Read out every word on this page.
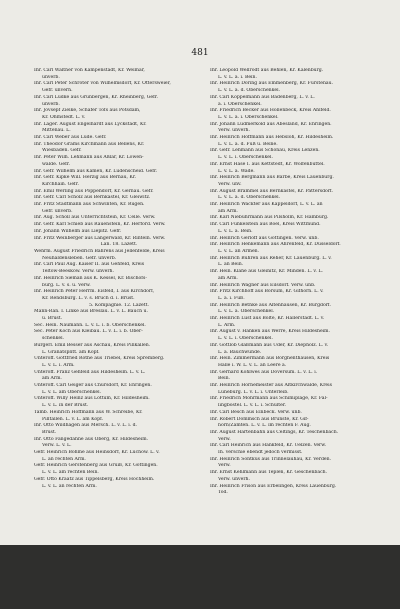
481
Ihr. Carl Walther von Kampenstadt, Kr. Weimar,
unverb.
Ihr. Carl Peter Schröter von Wilhelmsdorf, Kr. Ottersweier,
Gefr. unverh.
Ihr. Carl Lüdke aus Grünbergen, Kr. Rheinberg, Gefr.
unverb.
Ihr. Jovsepf Zielke, Schäfer Tofs aus Potsdam,
Kr. Ohmstedt. L. v.
Ihr. Lager. August Engelhardt aus Lyckstadt, Kr.
Mittenau. L.
Ihr. Carl Weber aus Lüde. Gefr.
Ihr. Theodor Grams Kirchmann aus Bellens, Kr.
Wiesbaden. Gefr.
Ihr. Peter Wilh. Lehmann aus Aßlar, Kr. Löwen-
walde. Gefr.
Ihr. Gefr. Wilhelm aus Kamen, Kr. Lüdenscheid. Gefr.
Ihr. Gefr. Kipke Will. Herzig aus Bernau, Kr.
Kirchhain. Gefr.
Ihr. Emil Werling aus Poppendorf, Kr. Gernau. Gefr.
Ihr. Gefr. Carl Scholz aus Bernkastel, Kr. Gleiwitz.
Ihr. Fritz Stadtmann aus Schwinten, Kr. Rügen.
Gefr. unverb.
Ihr. Aug. Schöll aus Unterrichtstein, Kr. Celle. Verw.
Ihr. Gefr. Karl Schieb aus Rauenstein, Kr. Herford. Verw.
Ihr. Johann Wilhelm aus Liepitz. Gefr.
Ihr. Fritz Weinberger aus Langerwald, Kr. Rinteln. Verw.
Lan. 18. Lazett.
Wehrm. August Friedrich Bährens aus Jellenfelde, Kreis
Neuhaldensleben. Gefr. unverb.
Ihr. Carl Paul Aug. Kaiser II. aus Gehfeld, Kreis
Teltow-Beeskow. Verw. unverh.
Ihr. Heinrich Sieman aus K. Kessel, Kr. Bischofs-
burg. L. v. s. u. Verw.
Ihr. Heinrich Peter Herrm. Eisfeld, I. aus Kirchdorf,
Kr. Rendsburg. L. v. s. Bruch d. i. Brust.
5. Kompagnie. 12. Lazett.
Mann-Ran. I. Linke aus Breslau. L. v. L. Bauch u.
u. Brust.
Sec. Hein. Naumann. L. v. L. i. b. Oberschenkel.
Sec. Peter Koch aus Kleibau. L. v. L. i. b. Ober-
schenkel.
Bürgerl. Emil Besser aus Aschau, Kreis Pillkallen.
L. Granatsplitt. am Kopf.
Unteroff. Gottfried Rothe aus Triebel, Kreis Spremberg.
L. v. L. i. Arm.
Unteroff. Franz Gehfeld aus Hildesheim. L. v. L.
am Arm.
Unteroff. Carl Geiger aus Chursdorf, Kr. Ehringen.
L. v. L. am Oberschenkel.
Unteroff. Willy Heinz aus Lottum, Kr. Hildesheim.
L. v. L. in der Brust.
Tamb. Heinrich Hoffmann aus W. Schreibe, Kr.
Pilltallen. L. v. L. am Kopf.
Ihr. Otto Wildhagen aus Mersch. L. v. L. i. d.
Brust.
Ihr. Otto Fangedahne aus Oberg, Kr. Hildesheim.
Verw. L. v. L.
Gefr. Heinrich Böhme aus Heinsdorf, Kr. Lüchow. L. v.
L. an rechten Arm.
Gefr. Heinrich Gerstenberg aus Gruiß, Kr. Göttingen.
L. v. L. am rechten Bein.
Gefr. Otto Kraatz aus Tippelsberg, Kreis Hochheim.
L. v. L. an rechten Arm.
Ihr. Leopold Wellrodt aus Behlen, Kr. Kalenburg.
L. v. L. a. i. Bein.
Ihr. Heinrich Döring aus Emmenberg, Kr. Fürstenau.
L. v. L. a. d. Oberschenkel.
Ihr. Carl Köppelmann aus Badenberg, L. v. L.
a. i. Oberschenkel.
Ihr. Friedrich Becker aus Hollenbeck, Kreis Ahlfeld.
L. v. L. a. i. Oberschenkel.
Ihr. Johann Lüdmerkold aus Abesland, Kr. Ehringen.
Verw. unverh.
Ihr. Heinrich Hoffmann aus Hebsloh, Kr. Hildesheim.
L. v. L. a. d. Fuß u. Beine.
Ihr. Gefr. Lehmann aus Schönau, Kreis Lenzen.
L. v. L. i. Oberschenkel.
Ihr. Ernst Hase I. aus Kettstedt, Kr. Wolfenbüttel.
L. v. L. a. Wade.
Ihr. Heinrich Bergmann aus Barbe, Kreis Lauenburg.
Verw. unv.
Ihr. August Brammel aus Bernkastel, Kr. Pattersdorf.
L. v. L. a. d. Oberschenkel.
Ihr. Heinrich Wäckter aus Kappeldorf, L. v. L. an
am Arm.
Ihr. Karl Niebuhrmann aus Pilsholm, Kr. Hamburg.
Ihr. Carl Fünkelstein aus Boel, Kreis Wittmund.
L. v. L. a. Bein.
Ihr. Heinrich Gerloff aus Göttingen. Verw. unb.
Ihr. Heinrich Henkemann aus Ahrenfeld, Kr. Düsseldorf.
L. v. L. an Armen.
Ihr. Heinrich Bühren aus Reher, Kr. Lauenburg. L. v.
L. an Bein.
Ihr. Hein. Klahe aus Gleinitz, Kr. Minden. L. v. L.
am Arm.
Ihr. Heinrich Wagner aus Eilsdorf. Verw. unb.
Ihr. Fritz Kirchhoff aus Borsum, Kr. Gifhorn. L. v.
L. a. i. Fuß.
Ihr. Heinrich Bethke aus Altenhausen, Kr. Burgdorf.
L. v. L. a. Oberschenkel.
Ihr. Heinrich Lust aus Bolte, Kr. Hallerstädt. L. v.
L. Arm.
Ihr. August v. Hanken aus Werre, Kreis Hildesheim.
L. v. L. i. Oberschenkel.
Ihr. Gottlob Glaßmann aus Uder, Kr. Diepholz. L. v.
L. a. Bauchwunde.
Ihr. Hein. Zimmermann aus Borghenthausen, Kreis
Halle i. W. L. v. L. an Leere a.
Ihr. Gerhard Kohlwes aus Doversum. L. v. L. i.
Bein.
Ihr. Heinrich Hornemeister aus Altkirchwalde, Kreis
Lüneburg. L. v. L. i. Unterleib.
Ihr. Friedrich Möhrmann aus Schimiplage, Kr. Fal-
lingbostel. L. v. L. i. Schulter.
Ihr. Carl Besch aus Einbeck. Verw. unb.
Ihr. Robert Dommsch aus Brunste, Kr. Gif-
horn/Zamten. L. v. L. im rechten F. Aug.
Ihr. August Hartenbahn aus Celtings, Kr. Teschenbach.
Verw.
Ihr. Carl Heinrich aus Hankfeld, Kr. Uelzen. Verw.
Ih. verschie ebendt jedoch vermisst.
Ihr. Heinrich Sontkus aus Trinnelauhau, Kr. Verden.
Verw.
Ihr. Ernst Kehlmann aus Teplen, Kr. Geschenbach.
Verw. unverh.
Ihr. Heinrich Frison aus Erbelingen, Kreis Lauenburg.
Tod.
